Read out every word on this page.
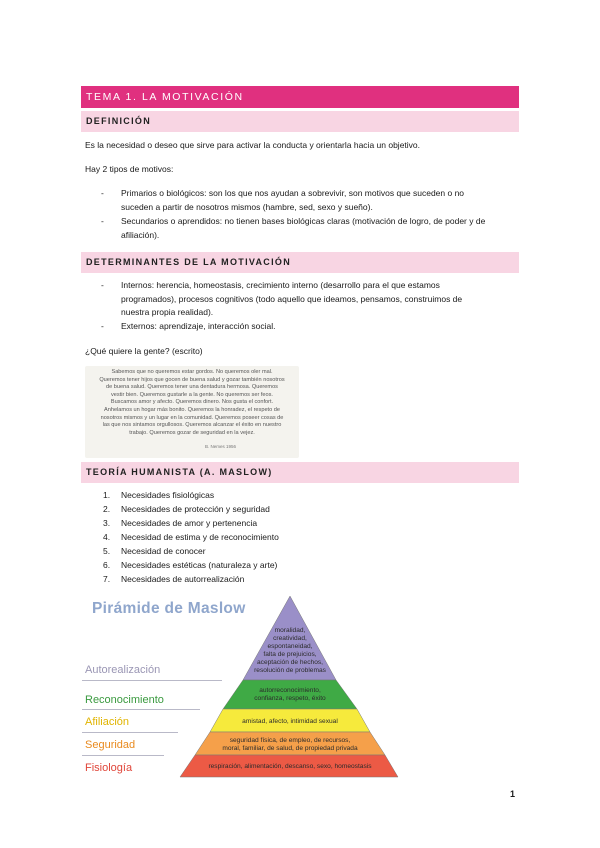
TEMA 1. LA MOTIVACIÓN
DEFINICIÓN
Es la necesidad o deseo que sirve para activar la conducta y orientarla hacia un objetivo.
Hay 2 tipos de motivos:
- Primarios o biológicos: son los que nos ayudan a sobrevivir, son motivos que suceden o no
suceden a partir de nosotros mismos (hambre, sed, sexo y sueño).
- Secundarios o aprendidos: no tienen bases biológicas claras (motivación de logro, de poder y de
afiliación).
DETERMINANTES DE LA MOTIVACIÓN
- Internos: herencia, homeostasis, crecimiento interno (desarrollo para el que estamos
programados), procesos cognitivos (todo aquello que ideamos, pensamos, construimos de
nuestra propia realidad).
- Externos: aprendizaje, interacción social.
¿Qué quiere la gente? (escrito)
Sabemos que no queremos estar gordos. No queremos oler mal.
Queremos tener hijos que gocen de buena salud y gozar también nosotros
de buena salud. Queremos tener una dentadura hermosa. Queremos
vestir bien. Queremos gustarle a la gente. No queremos ser feos.
Buscamos amor y afecto. Queremos dinero. Nos gusta el confort.
Anhelamos un hogar más bonito. Queremos la honradez, el respeto de
nosotros mismos y un lugar en la comunidad. Queremos poseer cosas de
las que nos sintamos orgullosos. Queremos alcanzar el éxito en nuestro
trabajo. Queremos gozar de seguridad en la vejez.
B. Nemes 1956
TEORÍA HUMANISTA (A. MASLOW)
1. Necesidades fisiológicas
2. Necesidades de protección y seguridad
3. Necesidades de amor y pertenencia
4. Necesidad de estima y de reconocimiento
5. Necesidad de conocer
6. Necesidades estéticas (naturaleza y arte)
7. Necesidades de autorrealización
Pirámide de Maslow
Autorealización
Reconocimiento
Afiliación
Seguridad
Fisiología
moralidad,
creatividad,
espontaneidad,
falta de prejuicios,
aceptación de hechos,
resolución de problemas
autorreconocimiento,
confianza, respeto, éxito
amistad, afecto, intimidad sexual
seguridad física, de empleo, de recursos,
moral, familiar, de salud, de propiedad privada
respiración, alimentación, descanso, sexo, homeostasis
1
